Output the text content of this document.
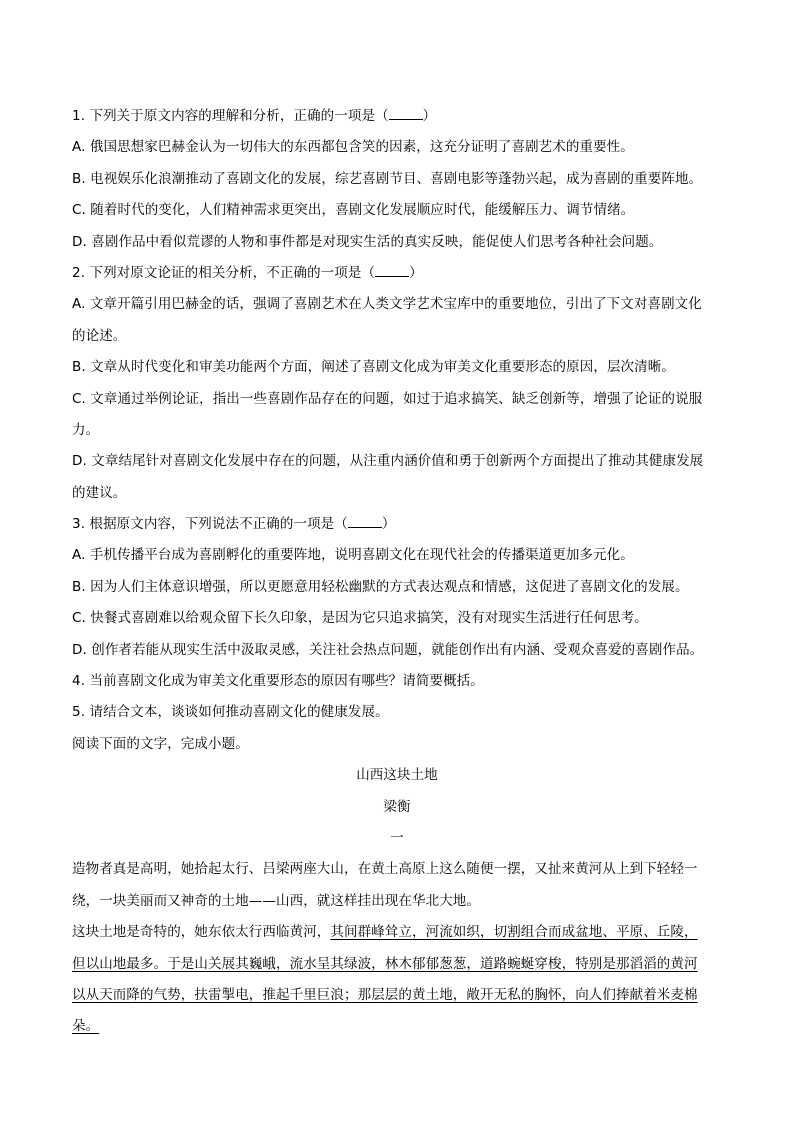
1. 下列关于原文内容的理解和分析，正确的一项是（	）
A. 俄国思想家巴赫金认为一切伟大的东西都包含笑的因素，这充分证明了喜剧艺术的重要性。
B. 电视娱乐化浪潮推动了喜剧文化的发展，综艺喜剧节目、喜剧电影等蓬勃兴起，成为喜剧的重要阵地。
C. 随着时代的变化，人们精神需求更突出，喜剧文化发展顺应时代，能缓解压力、调节情绪。
D. 喜剧作品中看似荒谬的人物和事件都是对现实生活的真实反映，能促使人们思考各种社会问题。
2. 下列对原文论证的相关分析，不正确的一项是（	）
A. 文章开篇引用巴赫金的话，强调了喜剧艺术在人类文学艺术宝库中的重要地位，引出了下文对喜剧文化
的论述。
B. 文章从时代变化和审美功能两个方面，阐述了喜剧文化成为审美文化重要形态的原因，层次清晰。
C. 文章通过举例论证，指出一些喜剧作品存在的问题，如过于追求搞笑、缺乏创新等，增强了论证的说服
力。
D. 文章结尾针对喜剧文化发展中存在的问题，从注重内涵价值和勇于创新两个方面提出了推动其健康发展
的建议。
3. 根据原文内容，下列说法不正确的一项是（	）
A. 手机传播平台成为喜剧孵化的重要阵地，说明喜剧文化在现代社会的传播渠道更加多元化。
B. 因为人们主体意识增强，所以更愿意用轻松幽默的方式表达观点和情感，这促进了喜剧文化的发展。
C. 快餐式喜剧难以给观众留下长久印象，是因为它只追求搞笑，没有对现实生活进行任何思考。
D. 创作者若能从现实生活中汲取灵感，关注社会热点问题，就能创作出有内涵、受观众喜爱的喜剧作品。
4. 当前喜剧文化成为审美文化重要形态的原因有哪些？请简要概括。
5. 请结合文本，谈谈如何推动喜剧文化的健康发展。
阅读下面的文字，完成小题。
山西这块土地
梁衡
一
造物者真是高明，她拾起太行、吕梁两座大山，在黄土高原上这么随便一摆，又扯来黄河从上到下轻轻一
绕，一块美丽而又神奇的土地——山西，就这样挂出现在华北大地。
这块土地是奇特的，她东依太行西临黄河，其间群峰耸立，河流如织，切割组合而成盆地、平原、丘陵，
但以山地最多。于是山关展其巍峨，流水呈其绿波，林木郁郁葱葱，道路蜿蜒穿梭，特别是那滔滔的黄河
以从天而降的气势，扶雷掣电，推起千里巨浪；那层层的黄土地，敞开无私的胸怀，向人们捧献着米麦棉
朵。
